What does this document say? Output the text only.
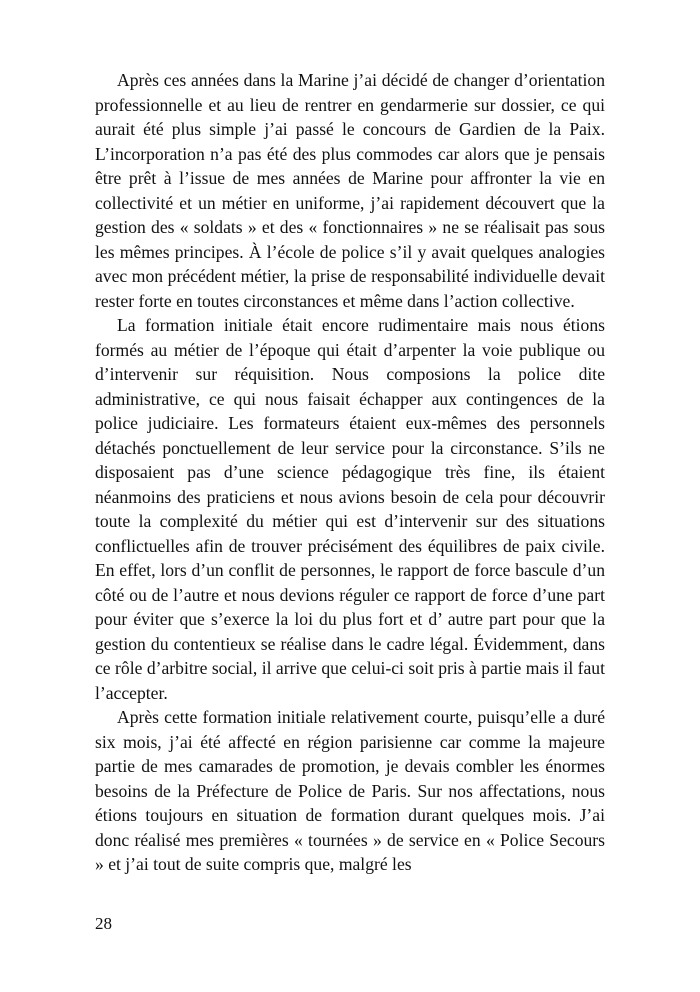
Après ces années dans la Marine j’ai décidé de changer d’orientation professionnelle et au lieu de rentrer en gendarmerie sur dossier, ce qui aurait été plus simple j’ai passé le concours de Gardien de la Paix. L’incorporation n’a pas été des plus commodes car alors que je pensais être prêt à l’issue de mes années de Marine pour affronter la vie en collectivité et un métier en uniforme, j’ai rapidement découvert que la gestion des « soldats » et des « fonctionnaires » ne se réalisait pas sous les mêmes principes. À l’école de police s’il y avait quelques analogies avec mon précédent métier, la prise de responsabilité individuelle devait rester forte en toutes circonstances et même dans l’action collective.

La formation initiale était encore rudimentaire mais nous étions formés au métier de l’époque qui était d’arpenter la voie publique ou d’intervenir sur réquisition. Nous composions la police dite administrative, ce qui nous faisait échapper aux contingences de la police judiciaire. Les formateurs étaient eux-mêmes des personnels détachés ponctuellement de leur service pour la circonstance. S’ils ne disposaient pas d’une science pédagogique très fine, ils étaient néanmoins des praticiens et nous avions besoin de cela pour découvrir toute la complexité du métier qui est d’intervenir sur des situations conflictuelles afin de trouver précisément des équilibres de paix civile. En effet, lors d’un conflit de personnes, le rapport de force bascule d’un côté ou de l’autre et nous devions réguler ce rapport de force d’une part pour éviter que s’exerce la loi du plus fort et d’ autre part pour que la gestion du contentieux se réalise dans le cadre légal. Évidemment, dans ce rôle d’arbitre social, il arrive que celui-ci soit pris à partie mais il faut l’accepter.

Après cette formation initiale relativement courte, puisqu’elle a duré six mois, j’ai été affecté en région parisienne car comme la majeure partie de mes camarades de promotion, je devais combler les énormes besoins de la Préfecture de Police de Paris. Sur nos affectations, nous étions toujours en situation de formation durant quelques mois. J’ai donc réalisé mes premières « tournées » de service en « Police Secours » et j’ai tout de suite compris que, malgré les

28
